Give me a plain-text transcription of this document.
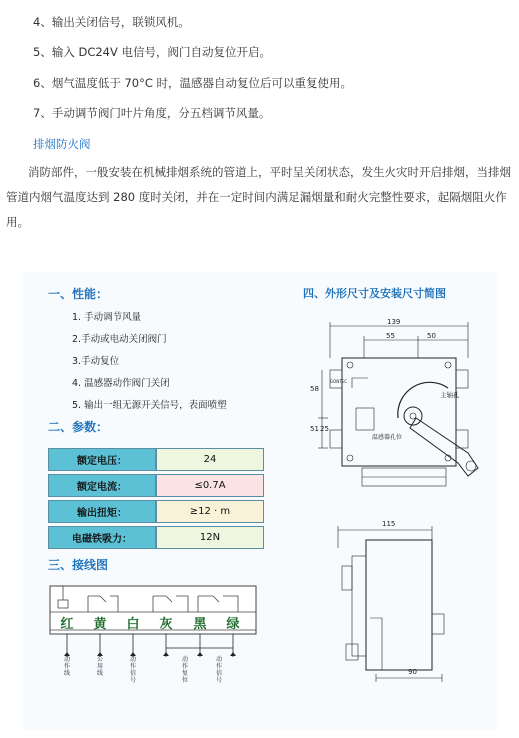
4、输出关闭信号，联锁风机。
5、输入 DC24V 电信号，阀门自动复位开启。
6、烟气温度低于 70°C 时，温感器自动复位后可以重复使用。
7、手动调节阀门叶片角度，分五档调节风量。
排烟防火阀
消防部件，一般安装在机械排烟系统的管道上，平时呈关闭状态，发生火灾时开启排烟，当排烟管道内烟气温度达到 280 度时关闭，并在一定时间内满足漏烟量和耐火完整性要求，起隔烟阻火作用。
一、性能：
1. 手动调节风量
2.手动或电动关闭阀门
3.手动复位
4. 温感器动作阀门关闭
5. 输出一组无源开关信号，表面喷塑
二、参数：
额定电压：	24
额定电流：	≤0.7A
输出扭矩：	≥12 · m
电磁铁吸力：	12N
三、接线图
红	黄	白	灰	黑	绿
动作线
公用线
动作信号
动作复位
动作信号
四、外形尺寸及安装尺寸简图
GONTEC
139
55	50
58
51 25
115
90
主轴孔
温感器孔位
